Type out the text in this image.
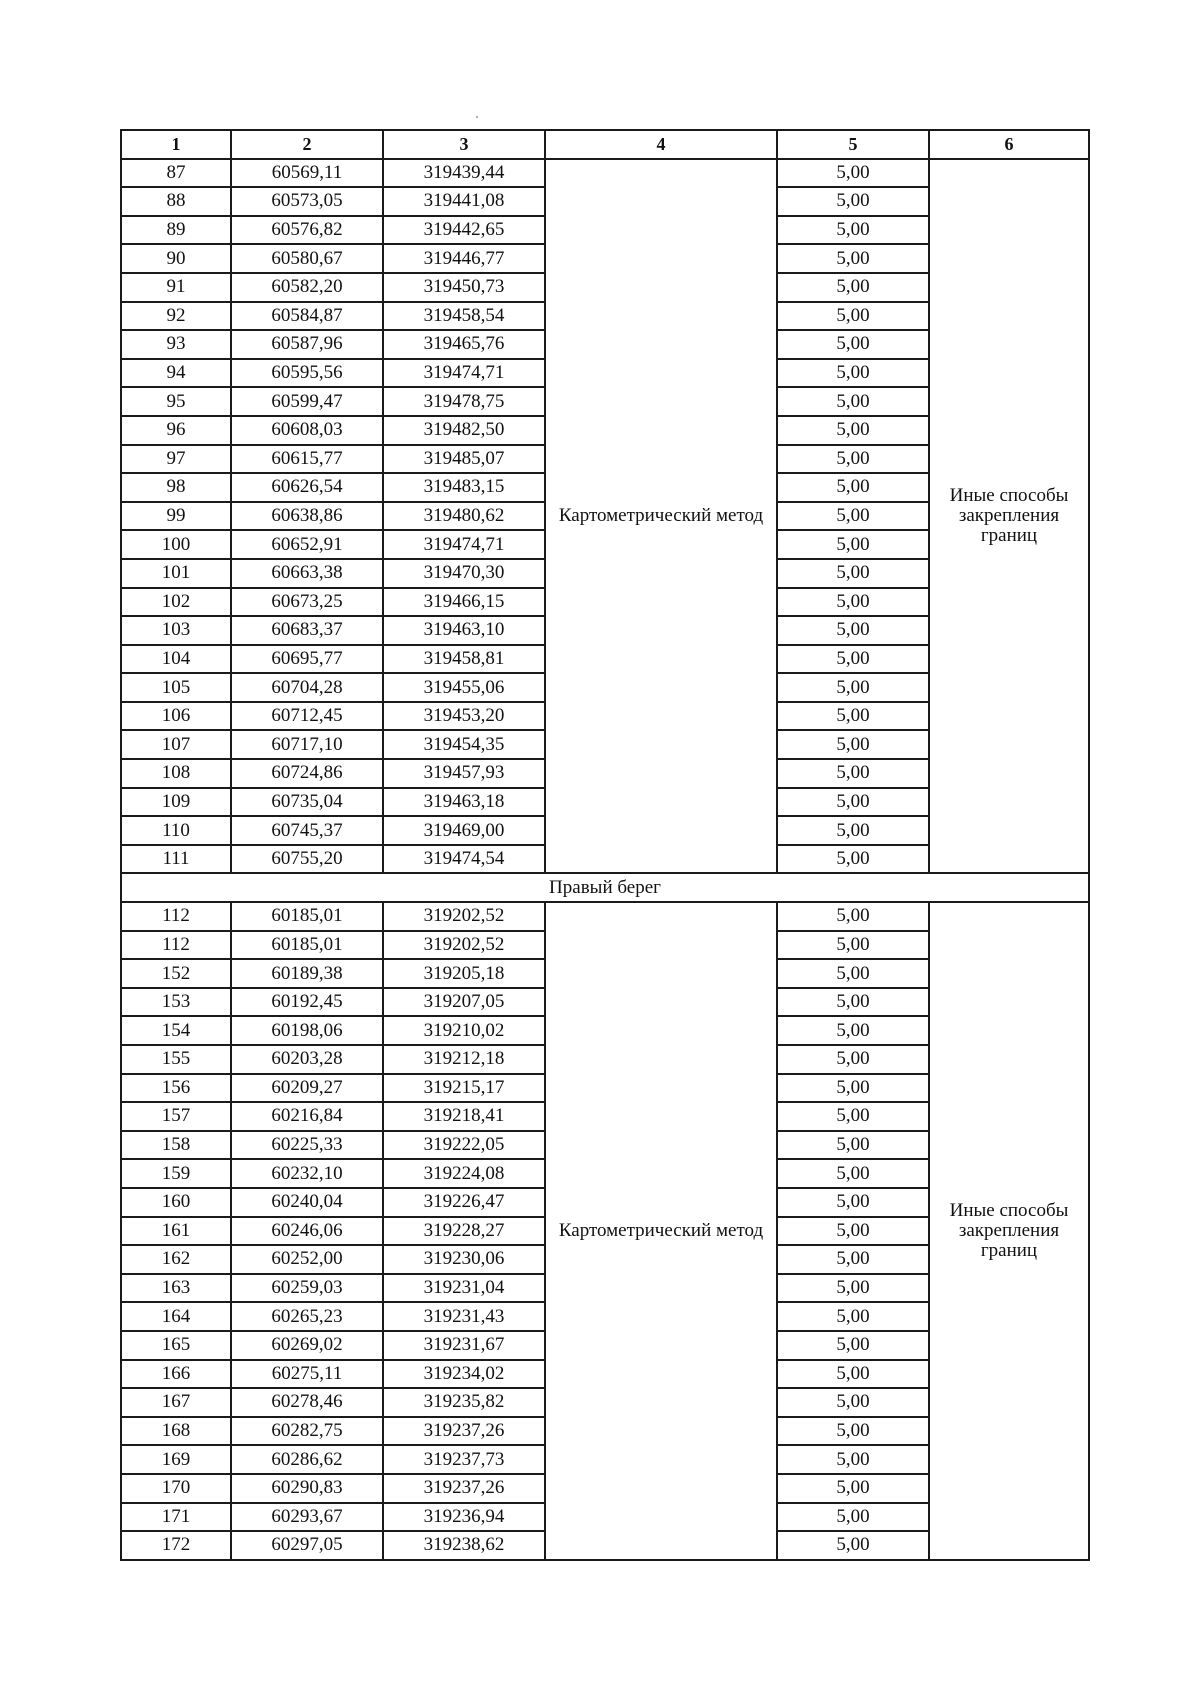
1	2	3	4	5	6
87	60569,11	319439,44	Картометрический метод	5,00	Иные способы закрепления границ
88	60573,05	319441,08		5,00	
89	60576,82	319442,65		5,00	
90	60580,67	319446,77		5,00	
91	60582,20	319450,73		5,00	
92	60584,87	319458,54		5,00	
93	60587,96	319465,76		5,00	
94	60595,56	319474,71		5,00	
95	60599,47	319478,75		5,00	
96	60608,03	319482,50		5,00	
97	60615,77	319485,07		5,00	
98	60626,54	319483,15		5,00	
99	60638,86	319480,62		5,00	
100	60652,91	319474,71		5,00	
101	60663,38	319470,30		5,00	
102	60673,25	319466,15		5,00	
103	60683,37	319463,10		5,00	
104	60695,77	319458,81		5,00	
105	60704,28	319455,06		5,00	
106	60712,45	319453,20		5,00	
107	60717,10	319454,35		5,00	
108	60724,86	319457,93		5,00	
109	60735,04	319463,18		5,00	
110	60745,37	319469,00		5,00	
111	60755,20	319474,54		5,00	
Правый берег					
112	60185,01	319202,52	Картометрический метод	5,00	Иные способы закрепления границ
112	60185,01	319202,52		5,00	
152	60189,38	319205,18		5,00	
153	60192,45	319207,05		5,00	
154	60198,06	319210,02		5,00	
155	60203,28	319212,18		5,00	
156	60209,27	319215,17		5,00	
157	60216,84	319218,41		5,00	
158	60225,33	319222,05		5,00	
159	60232,10	319224,08		5,00	
160	60240,04	319226,47		5,00	
161	60246,06	319228,27		5,00	
162	60252,00	319230,06		5,00	
163	60259,03	319231,04		5,00	
164	60265,23	319231,43		5,00	
165	60269,02	319231,67		5,00	
166	60275,11	319234,02		5,00	
167	60278,46	319235,82		5,00	
168	60282,75	319237,26		5,00	
169	60286,62	319237,73		5,00	
170	60290,83	319237,26		5,00	
171	60293,67	319236,94		5,00	
172	60297,05	319238,62		5,00	
